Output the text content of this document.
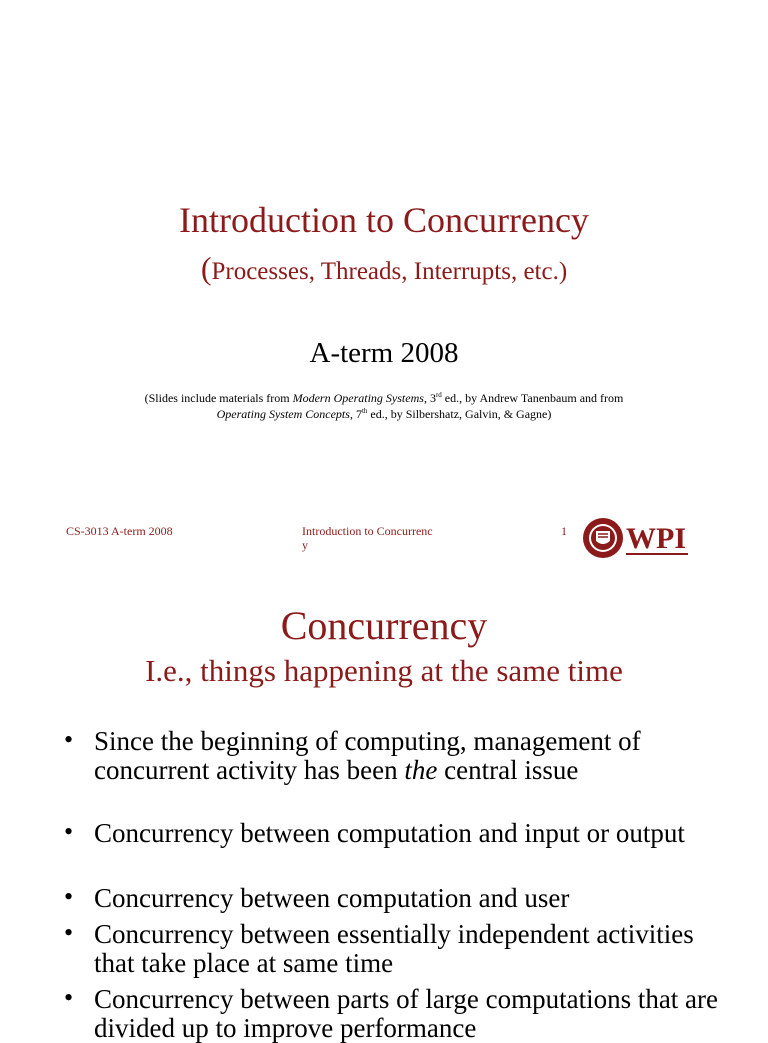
Introduction to Concurrency
(Processes, Threads, Interrupts, etc.)
A-term 2008
(Slides include materials from Modern Operating Systems, 3rd ed., by Andrew Tanenbaum and from
Operating System Concepts, 7th ed., by Silbershatz, Galvin, & Gagne)
CS-3013 A-term 2008	Introduction to Concurrency
1 WPI
Concurrency
I.e., things happening at the same time
• Since the beginning of computing, management of concurrent activity has been the central issue
• Concurrency between computation and input or output
• Concurrency between computation and user
• Concurrency between essentially independent activities that take place at same time
• Concurrency between parts of large computations that are divided up to improve performance
